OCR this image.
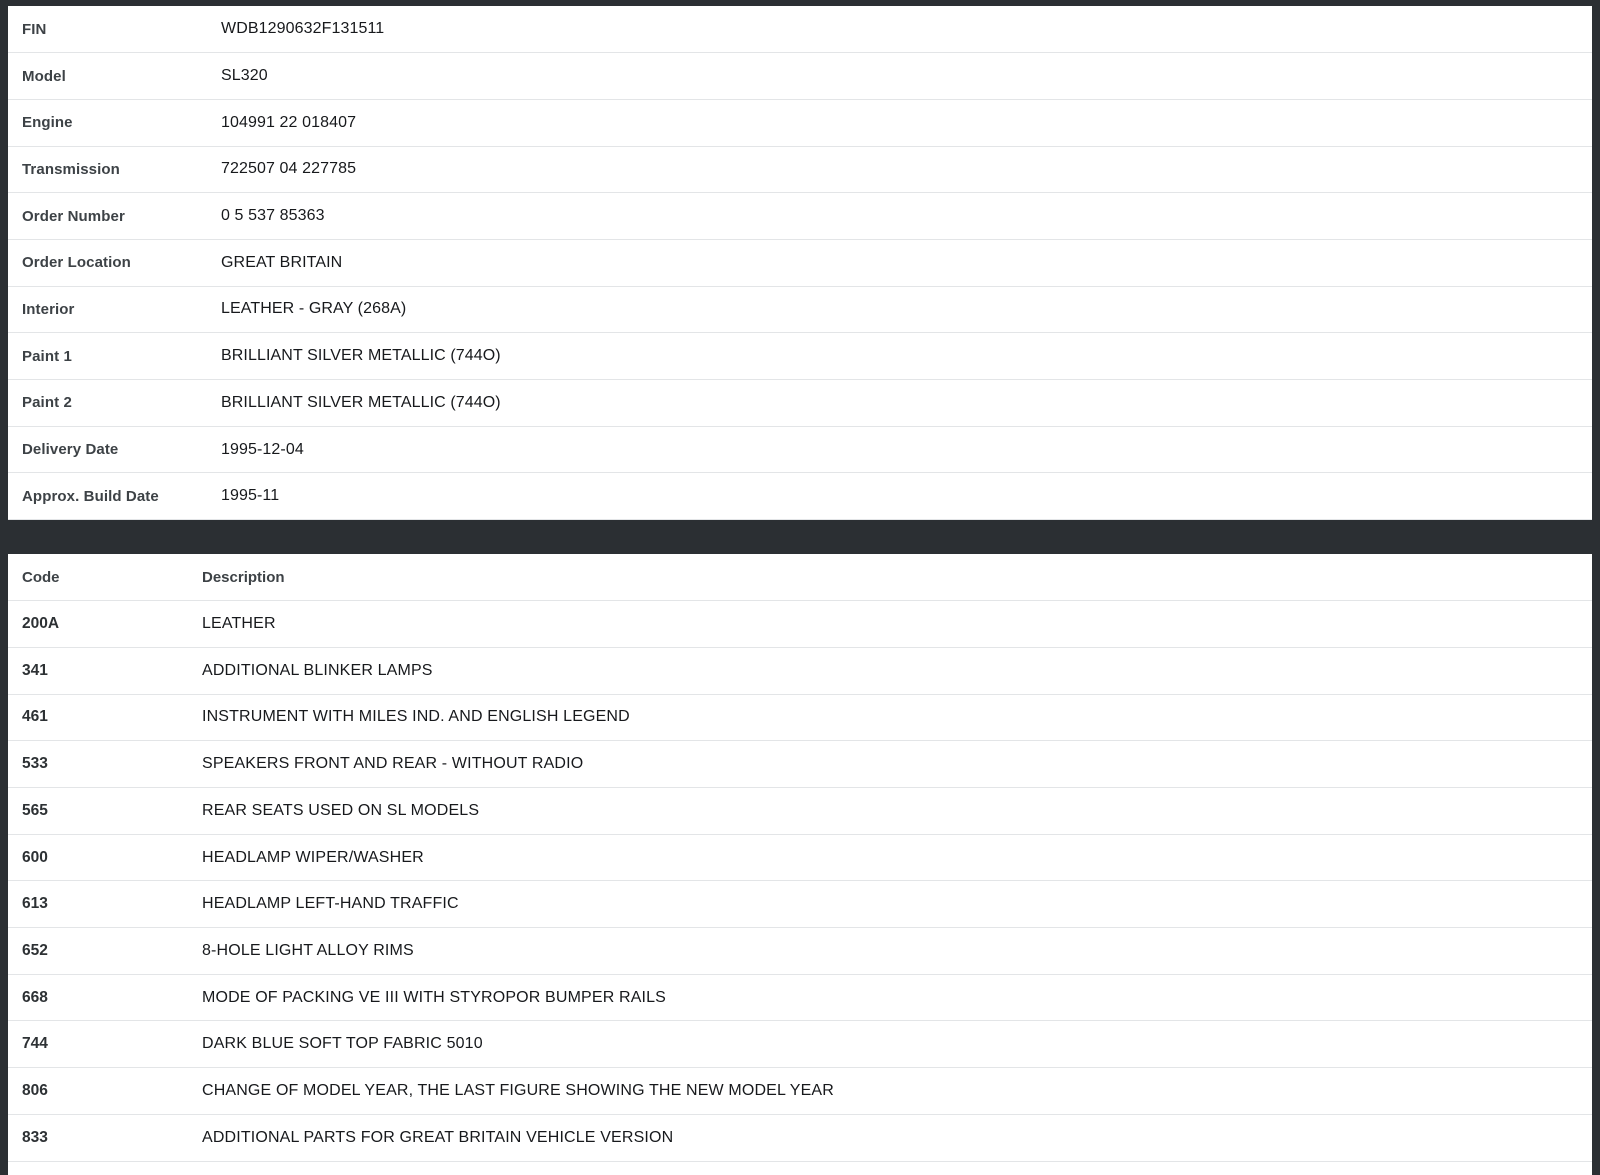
FIN	WDB1290632F131511
Model	SL320
Engine	104991 22 018407
Transmission	722507 04 227785
Order Number	0 5 537 85363
Order Location	GREAT BRITAIN
Interior	LEATHER - GRAY (268A)
Paint 1	BRILLIANT SILVER METALLIC (744O)
Paint 2	BRILLIANT SILVER METALLIC (744O)
Delivery Date	1995-12-04
Approx. Build Date	1995-11
Code	Description
200A	LEATHER
341	ADDITIONAL BLINKER LAMPS
461	INSTRUMENT WITH MILES IND. AND ENGLISH LEGEND
533	SPEAKERS FRONT AND REAR - WITHOUT RADIO
565	REAR SEATS USED ON SL MODELS
600	HEADLAMP WIPER/WASHER
613	HEADLAMP LEFT-HAND TRAFFIC
652	8-HOLE LIGHT ALLOY RIMS
668	MODE OF PACKING VE III WITH STYROPOR BUMPER RAILS
744	DARK BLUE SOFT TOP FABRIC 5010
806	CHANGE OF MODEL YEAR, THE LAST FIGURE SHOWING THE NEW MODEL YEAR
833	ADDITIONAL PARTS FOR GREAT BRITAIN VEHICLE VERSION
